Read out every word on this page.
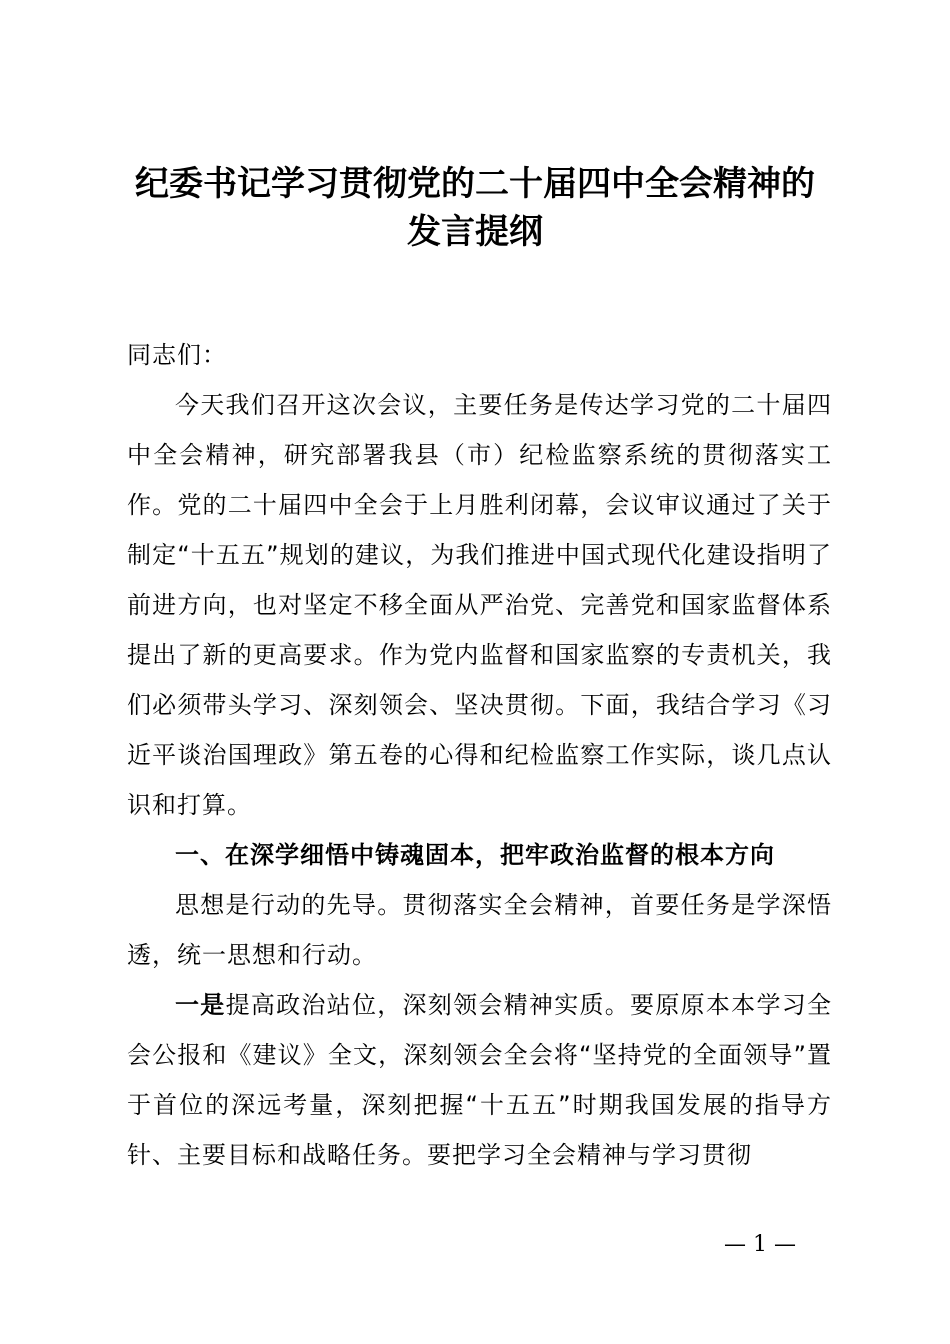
纪委书记学习贯彻党的二十届四中全会精神的
发言提纲

同志们：

今天我们召开这次会议，主要任务是传达学习党的二十届四中全会精神，研究部署我县（市）纪检监察系统的贯彻落实工作。党的二十届四中全会于上月胜利闭幕，会议审议通过了关于制定“十五五”规划的建议，为我们推进中国式现代化建设指明了前进方向，也对坚定不移全面从严治党、完善党和国家监督体系提出了新的更高要求。作为党内监督和国家监察的专责机关，我们必须带头学习、深刻领会、坚决贯彻。下面，我结合学习《习近平谈治国理政》第五卷的心得和纪检监察工作实际，谈几点认识和打算。

一、在深学细悟中铸魂固本，把牢政治监督的根本方向

思想是行动的先导。贯彻落实全会精神，首要任务是学深悟透，统一思想和行动。

一是提高政治站位，深刻领会精神实质。要原原本本学习全会公报和《建议》全文，深刻领会全会将“坚持党的全面领导”置于首位的深远考量，深刻把握“十五五”时期我国发展的指导方针、主要目标和战略任务。要把学习全会精神与学习贯彻

— 1 —
